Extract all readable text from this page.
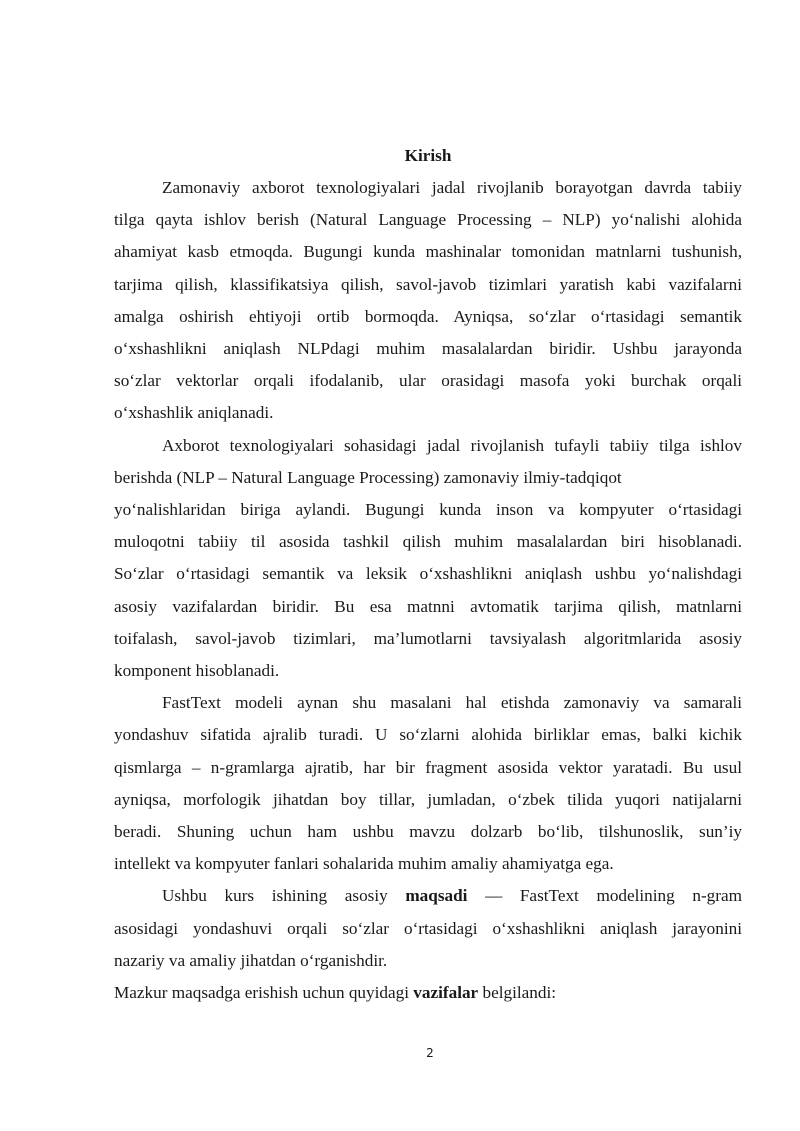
Kirish
Zamonaviy axborot texnologiyalari jadal rivojlanib borayotgan davrda tabiiy
tilga qayta ishlov berish (Natural Language Processing – NLP) yo‘nalishi alohida
ahamiyat kasb etmoqda. Bugungi kunda mashinalar tomonidan matnlarni tushunish,
tarjima qilish, klassifikatsiya qilish, savol-javob tizimlari yaratish kabi vazifalarni
amalga oshirish ehtiyoji ortib bormoqda. Ayniqsa, so‘zlar o‘rtasidagi semantik
o‘xshashlikni aniqlash NLPdagi muhim masalalardan biridir. Ushbu jarayonda
so‘zlar vektorlar orqali ifodalanib, ular orasidagi masofa yoki burchak orqali
o‘xshashlik aniqlanadi.
Axborot texnologiyalari sohasidagi jadal rivojlanish tufayli tabiiy tilga ishlov
berishda (NLP – Natural Language Processing) zamonaviy ilmiy-tadqiqot
yo‘nalishlaridan biriga aylandi. Bugungi kunda inson va kompyuter o‘rtasidagi
muloqotni tabiiy til asosida tashkil qilish muhim masalalardan biri hisoblanadi.
So‘zlar o‘rtasidagi semantik va leksik o‘xshashlikni aniqlash ushbu yo‘nalishdagi
asosiy vazifalardan biridir. Bu esa matnni avtomatik tarjima qilish, matnlarni
toifalash, savol-javob tizimlari, ma’lumotlarni tavsiyalash algoritmlarida asosiy
komponent hisoblanadi.
FastText modeli aynan shu masalani hal etishda zamonaviy va samarali
yondashuv sifatida ajralib turadi. U so‘zlarni alohida birliklar emas, balki kichik
qismlarga – n-gramlarga ajratib, har bir fragment asosida vektor yaratadi. Bu usul
ayniqsa, morfologik jihatdan boy tillar, jumladan, o‘zbek tilida yuqori natijalarni
beradi. Shuning uchun ham ushbu mavzu dolzarb bo‘lib, tilshunoslik, sun’iy
intellekt va kompyuter fanlari sohalarida muhim amaliy ahamiyatga ega.
Ushbu kurs ishining asosiy maqsadi — FastText modelining n-gram
asosidagi yondashuvi orqali so‘zlar o‘rtasidagi o‘xshashlikni aniqlash jarayonini
nazariy va amaliy jihatdan o‘rganishdir.
Mazkur maqsadga erishish uchun quyidagi vazifalar belgilandi:
2
